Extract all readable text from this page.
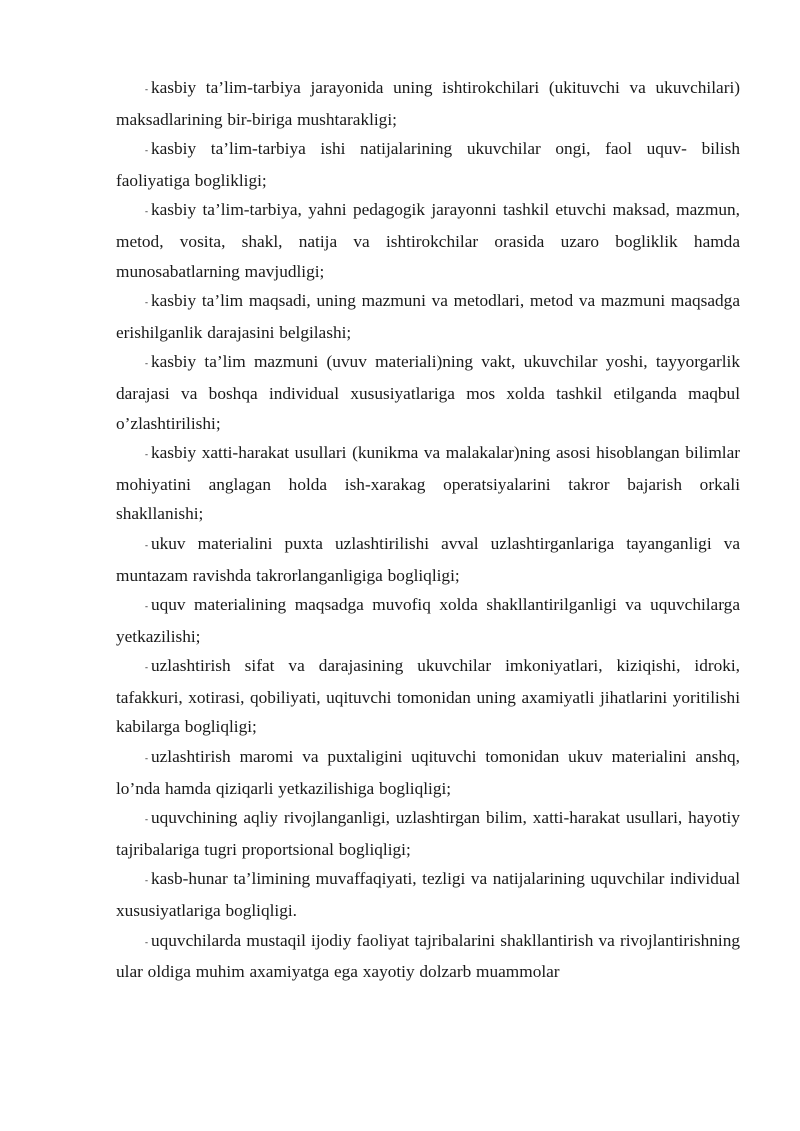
- kasbiy ta’lim-tarbiya jarayonida uning ishtirokchilari (ukituvchi va ukuvchilari) maksadlarining bir-biriga mushtarakligi;

- kasbiy ta’lim-tarbiya ishi natijalarining ukuvchilar ongi, faol uquv- bilish faoliyatiga boglikligi;

- kasbiy ta’lim-tarbiya, yahni pedagogik jarayonni tashkil etuvchi maksad, mazmun, metod, vosita, shakl, natija va ishtirokchilar orasida uzaro bogliklik hamda munosabatlarning mavjudligi;

- kasbiy ta’lim maqsadi, uning mazmuni va metodlari, metod va mazmuni maqsadga erishilganlik darajasini belgilashi;

- kasbiy ta’lim mazmuni (uvuv materiali)ning vakt, ukuvchilar yoshi, tayyorgarlik darajasi va boshqa individual xususiyatlariga mos xolda tashkil etilganda maqbul o’zlashtirilishi;

- kasbiy xatti-harakat usullari (kunikma va malakalar)ning asosi hisoblangan bilimlar mohiyatini anglagan holda ish-xarakag operatsiyalarini takror bajarish orkali shakllanishi;

- ukuv materialini puxta uzlashtirilishi avval uzlashtirganlariga tayanganligi va muntazam ravishda takrorlanganligiga bogliqligi;

- uquv materialining maqsadga muvofiq xolda shakllantirilganligi va uquvchilarga yetkazilishi;

- uzlashtirish sifat va darajasining ukuvchilar imkoniyatlari, kiziqishi, idroki, tafakkuri, xotirasi, qobiliyati, uqituvchi tomonidan uning axamiyatli jihatlarini yoritilishi kabilarga bogliqligi;

- uzlashtirish maromi va puxtaligini uqituvchi tomonidan ukuv materialini anshq, lo’nda hamda qiziqarli yetkazilishiga bogliqligi;

- uquvchining aqliy rivojlanganligi, uzlashtirgan bilim, xatti-harakat usullari, hayotiy tajribalariga tugri proportsional bogliqligi;

- kasb-hunar ta’limining muvaffaqiyati, tezligi va natijalarining uquvchilar individual xususiyatlariga bogliqligi.

- uquvchilarda mustaqil ijodiy faoliyat tajribalarini shakllantirish va rivojlantirishning ular oldiga muhim axamiyatga ega xayotiy dolzarb muammolar
